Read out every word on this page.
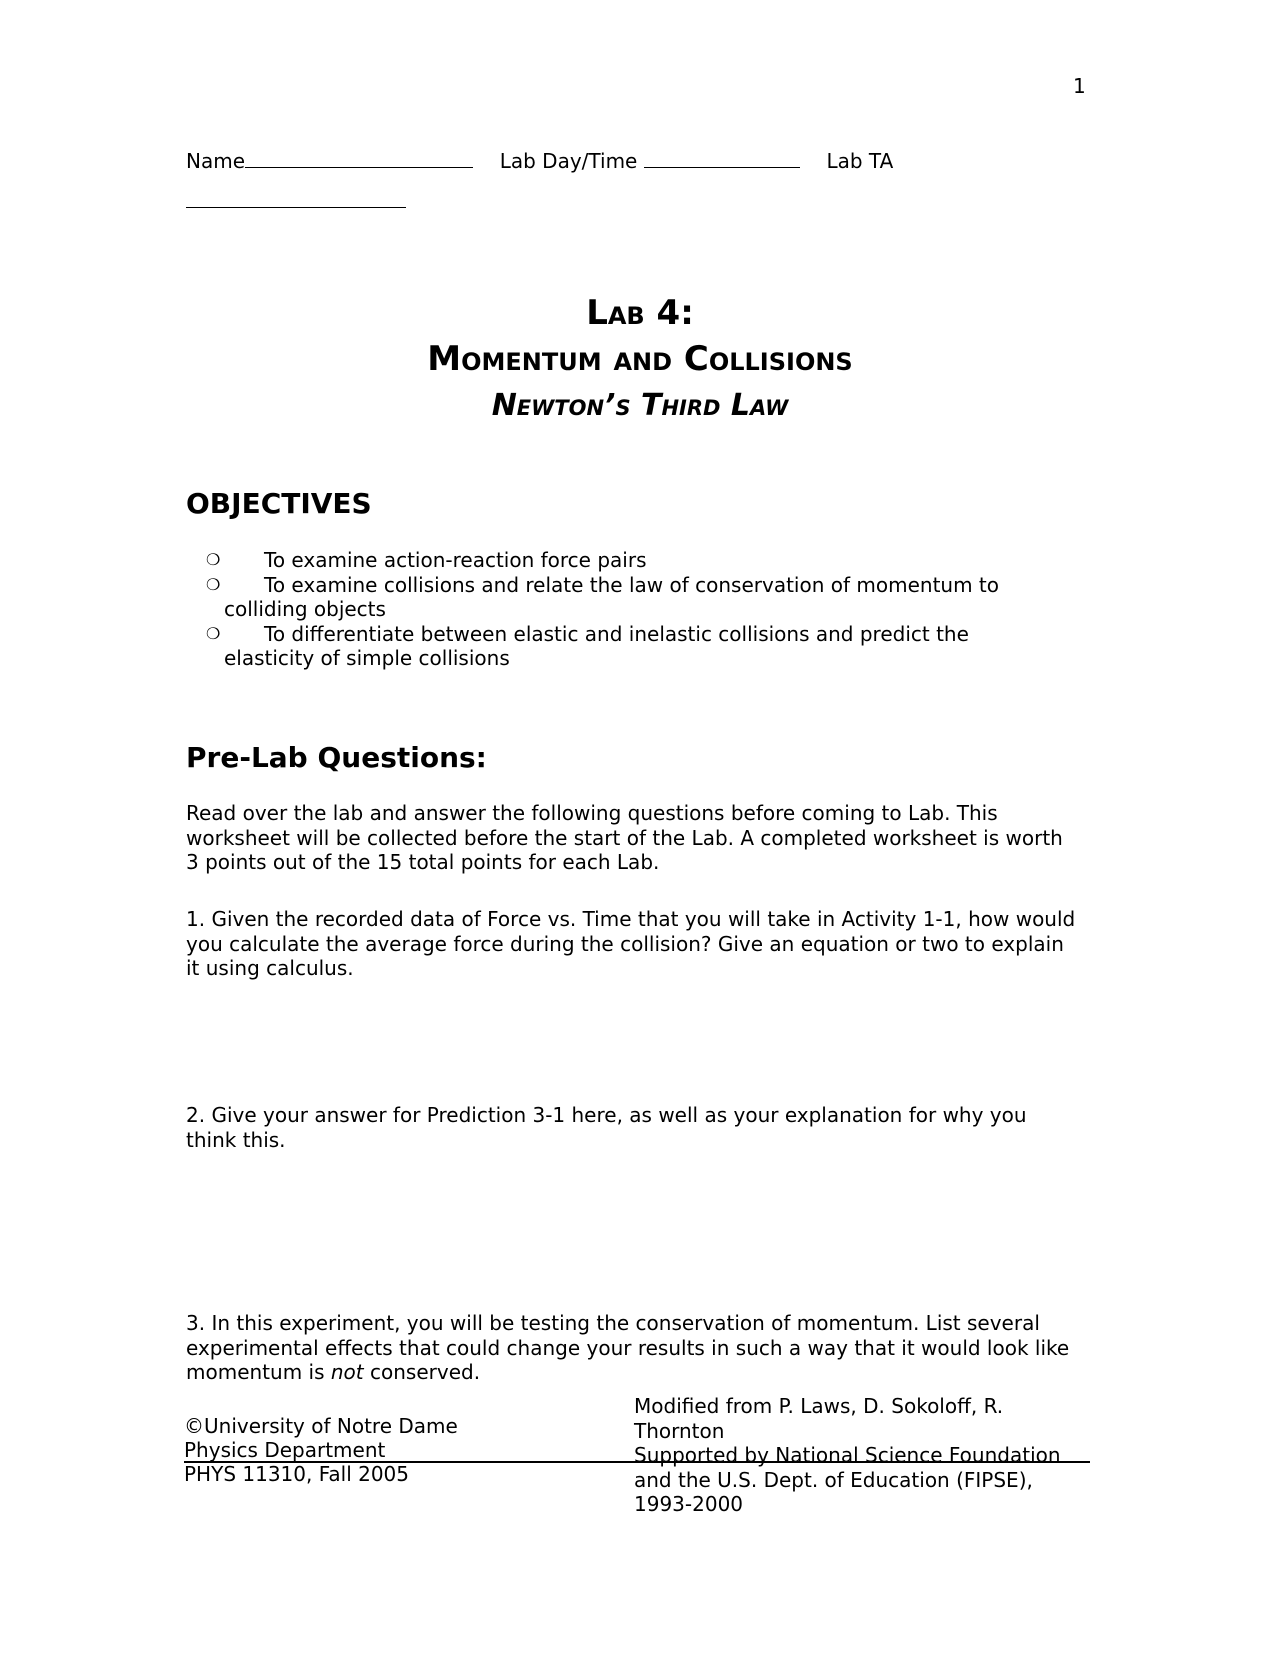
1
Name	Lab Day/Time	Lab TA
Lab 4:
Momentum and Collisions
Newton’s Third Law
OBJECTIVES
❍	To examine action-reaction force pairs
❍	To examine collisions and relate the law of conservation of momentum to
colliding objects
❍	To differentiate between elastic and inelastic collisions and predict the
elasticity of simple collisions
Pre-Lab Questions:
Read over the lab and answer the following questions before coming to Lab. This worksheet will be collected before the start of the Lab. A completed worksheet is worth 3 points out of the 15 total points for each Lab.
1. Given the recorded data of Force vs. Time that you will take in Activity 1-1, how would you calculate the average force during the collision? Give an equation or two to explain it using calculus.
2. Give your answer for Prediction 3-1 here, as well as your explanation for why you think this.
3. In this experiment, you will be testing the conservation of momentum. List several experimental effects that could change your results in such a way that it would look like momentum is not conserved.
©University of Notre Dame
Physics Department
PHYS 11310, Fall 2005
Modified from P. Laws, D. Sokoloff, R. Thornton
Supported by National Science Foundation and the U.S. Dept. of Education (FIPSE), 1993-2000
